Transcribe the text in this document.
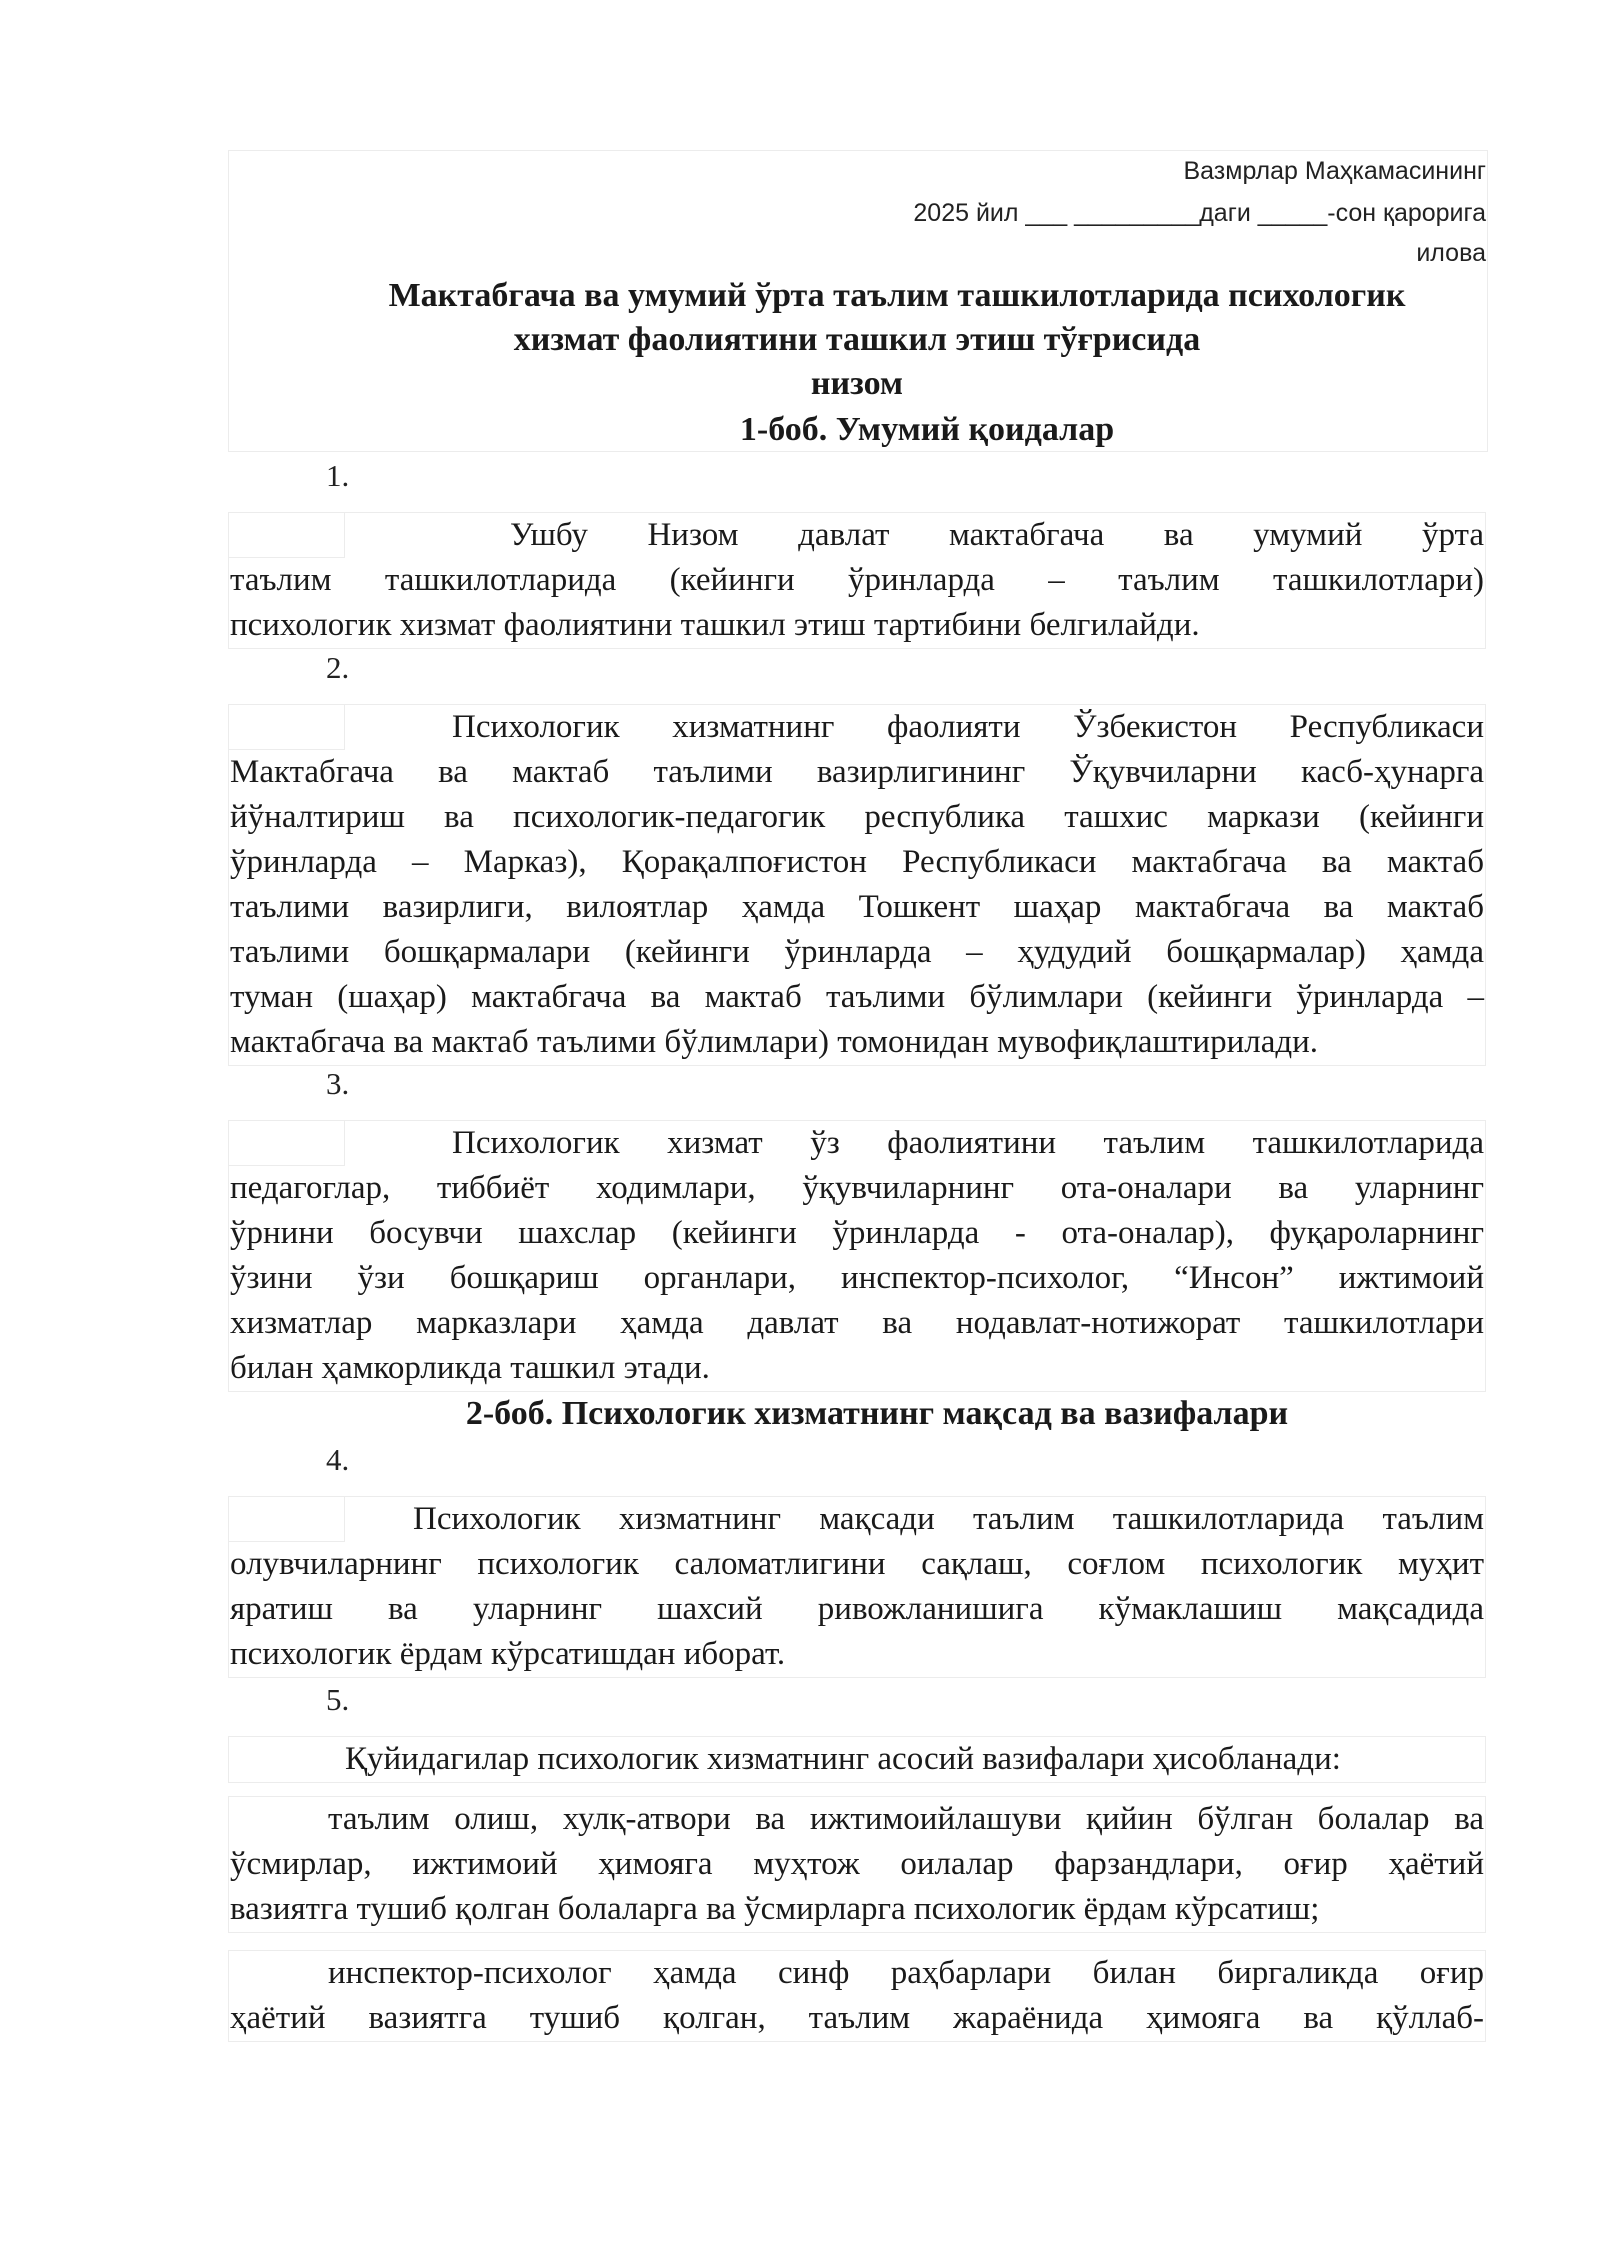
Вазмрлар Маҳкамасининг
2025 йил ___ _________даги _____-сон қарорига
илова
Мактабгача ва умумий ўрта таълим ташкилотларида психологик
хизмат фаолиятини ташкил этиш тўғрисида
низом
1-боб. Умумий қоидалар
1.
Ушбу Низом давлат мактабгача ва умумий ўрта
таълим ташкилотларида (кейинги ўринларда – таълим ташкилотлари)
психологик хизмат фаолиятини ташкил этиш тартибини белгилайди.
2.
Психологик хизматнинг фаолияти Ўзбекистон Республикаси
Мактабгача ва мактаб таълими вазирлигининг Ўқувчиларни касб-ҳунарга
йўналтириш ва психологик-педагогик республика ташхис маркази (кейинги
ўринларда – Марказ), Қорақалпоғистон Республикаси мактабгача ва мактаб
таълими вазирлиги, вилоятлар ҳамда Тошкент шаҳар мактабгача ва мактаб
таълими бошқармалари (кейинги ўринларда – ҳудудий бошқармалар) ҳамда
туман (шаҳар) мактабгача ва мактаб таълими бўлимлари (кейинги ўринларда –
мактабгача ва мактаб таълими бўлимлари) томонидан мувофиқлаштирилади.
3.
Психологик хизмат ўз фаолиятини таълим ташкилотларида
педагоглар, тиббиёт ходимлари, ўқувчиларнинг ота-оналари ва уларнинг
ўрнини босувчи шахслар (кейинги ўринларда - ота-оналар), фуқароларнинг
ўзини ўзи бошқариш органлари, инспектор-психолог, “Инсон” ижтимоий
хизматлар марказлари ҳамда давлат ва нодавлат-нотижорат ташкилотлари
билан ҳамкорликда ташкил этади.
2-боб. Психологик хизматнинг мақсад ва вазифалари
4.
Психологик хизматнинг мақсади таълим ташкилотларида таълим
олувчиларнинг психологик саломатлигини сақлаш, соғлом психологик муҳит
яратиш ва уларнинг шахсий ривожланишига кўмаклашиш мақсадида
психологик ёрдам кўрсатишдан иборат.
5.
Қуйидагилар психологик хизматнинг асосий вазифалари ҳисобланади:
таълим олиш, хулқ-атвори ва ижтимоийлашуви қийин бўлган болалар ва
ўсмирлар, ижтимоий ҳимояга муҳтож оилалар фарзандлари, оғир ҳаётий
вазиятга тушиб қолган болаларга ва ўсмирларга психологик ёрдам кўрсатиш;
инспектор-психолог ҳамда синф раҳбарлари билан биргаликда оғир
ҳаётий вазиятга тушиб қолган, таълим жараёнида ҳимояга ва қўллаб-
